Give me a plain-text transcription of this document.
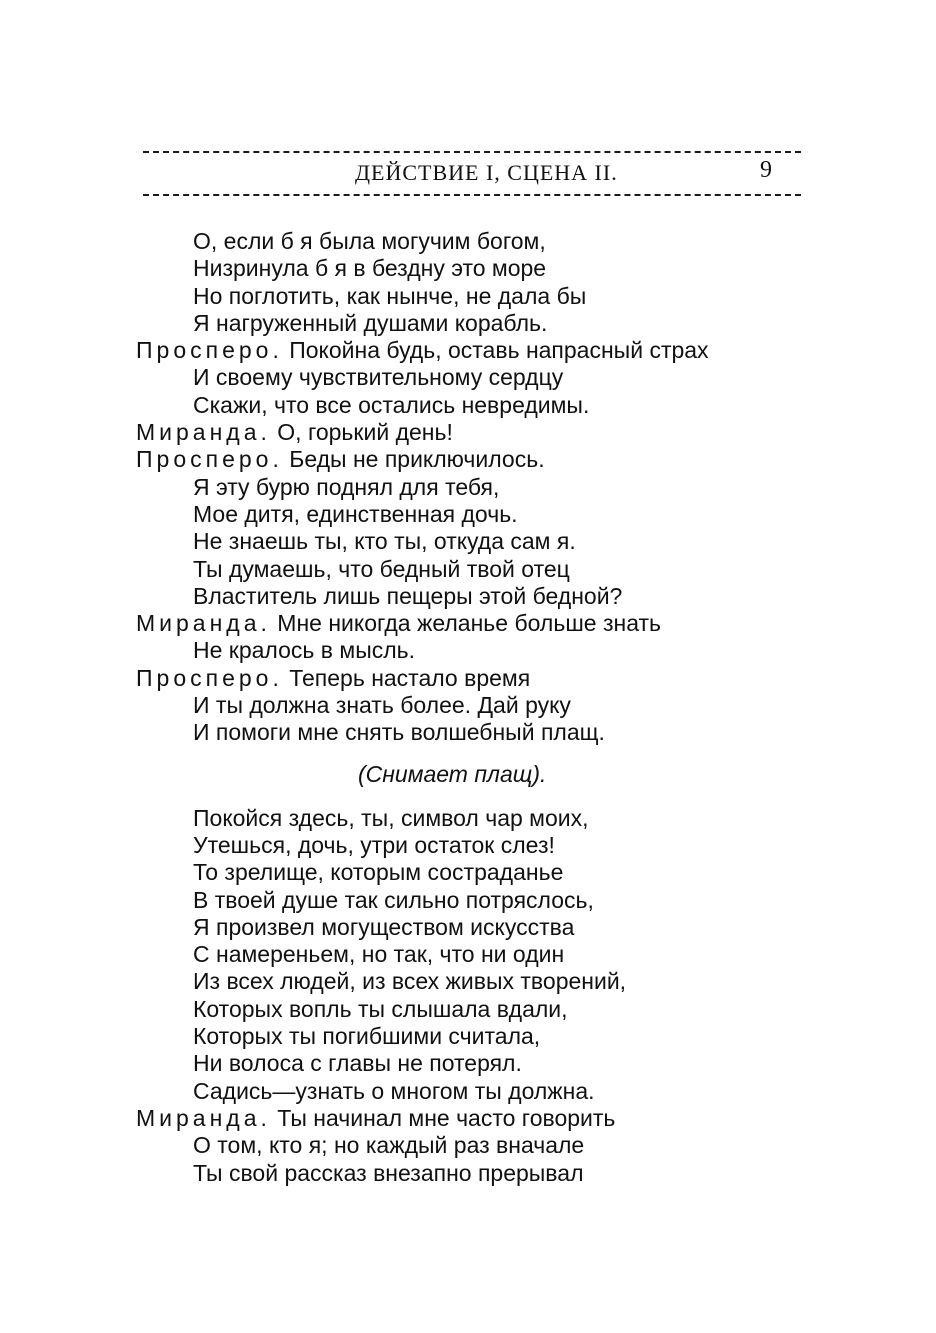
ДЕЙСТВИЕ I, СЦЕНА II.	9
О, если б я была могучим богом,
Низринула б я в бездну это море
Но поглотить, как нынче, не дала бы
Я нагруженный душами корабль.
Просперо. Покойна будь, оставь напрасный страх
И своему чувствительному сердцу
Скажи, что все остались невредимы.
Миранда. О, горький день!
Просперо. Беды не приключилось.
Я эту бурю поднял для тебя,
Мое дитя, единственная дочь.
Не знаешь ты, кто ты, откуда сам я.
Ты думаешь, что бедный твой отец
Властитель лишь пещеры этой бедной?
Миранда. Мне никогда желанье больше знать
Не кралось в мысль.
Просперо. Теперь настало время
И ты должна знать более. Дай руку
И помоги мне снять волшебный плащ.
(Снимает плащ).
Покойся здесь, ты, символ чар моих,
Утешься, дочь, утри остаток слез!
То зрелище, которым состраданье
В твоей душе так сильно потряслось,
Я произвел могуществом искусства
С намереньем, но так, что ни один
Из всех людей, из всех живых творений,
Которых вопль ты слышала вдали,
Которых ты погибшими считала,
Ни волоса с главы не потерял.
Садись—узнать о многом ты должна.
Миранда. Ты начинал мне часто говорить
О том, кто я; но каждый раз вначале
Ты свой рассказ внезапно прерывал
